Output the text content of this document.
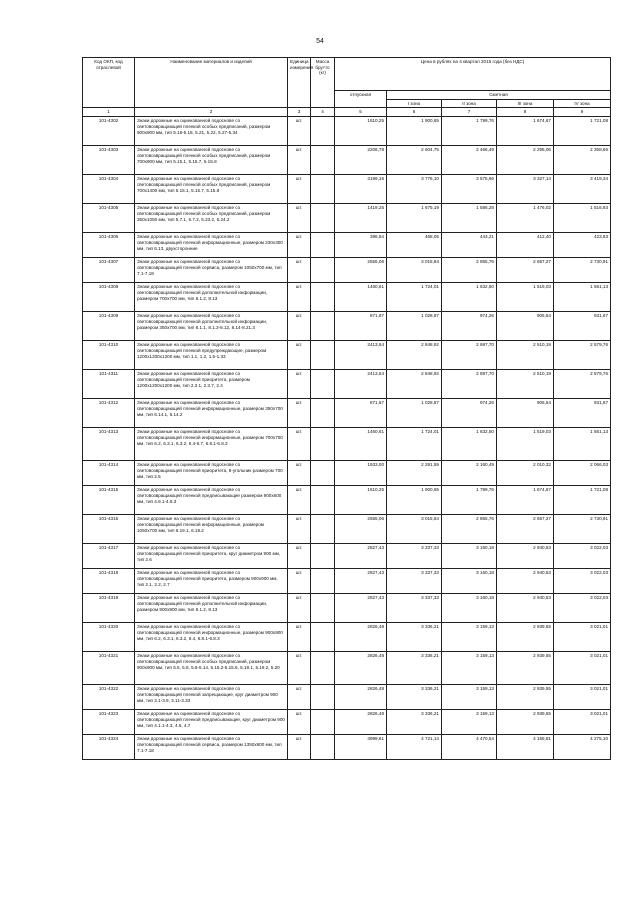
54
Код ОКП, код отраслевой	Наименование материалов и изделий	Единица измерения	Масса брутто (кг)	Цена в рублях на 4 квартал 2015 года (без НДС)				
				отпускная	Сметная			
					I зона	II зона	III зона	IV зона
1	2	3	4	5	6	7	8	9
101-4302	Знаки дорожные на оцинкованной подосновe со световозвращающей пленкой особых предписаний, размером 900х900 мм, тип 5.16-5.18, 5.21, 5.22, 5.27-5.34	шт.		1610,25	1 900,65	1 799,76	1 674,67	1 721,08
101-4303	Знаки дорожные на оцинкованной подосновe со световозвращающей пленкой особых предписаний, размером 700х900 мм, тип 5.15.1, 5.15.7, 5.15.8	шт.		2206,78	2 604,75	2 466,49	2 295,06	2 358,66
101-4304	Знаки дорожные на оцинкованной подосновe со световозвращающей пленкой особых предписаний, размером 700х1400 мм, тип 5.15.1, 5.15.7, 5.15.8	шт.		3199,16	3 776,10	3 575,66	3 327,14	3 419,34
101-4305	Знаки дорожные на оцинкованной подосновe со световозвращающей пленкой особых предписаний, размером 350х1050 мм, тип 5.7.1, 5.7.2, 5.23.2, 5.24.2	шт.		1419,25	1 675,19	1 586,28	1 476,02	1 516,93
101-4306	Знаки дорожные на оцинкованной подосновe со световозвращающей пленкой информационные, размером 230х300 мм, тип 6.13, двухсторонние	шт.		396,54	468,05	443,21	412,40	423,83
101-4307	Знаки дорожные на оцинкованной подосновe со световозвращающей пленкой сервиса, размером 1050х700 мм, тип 7.1-7.18	шт.		2555,06	3 015,84	2 855,76	2 657,27	2 730,91
101-4308	Знаки дорожные на оцинкованной подосновe со световозвращающей пленкой дополнительной информации, размером 700х700 мм, тип 8.1.2, 8.13	шт.		1460,61	1 724,01	1 632,50	1 519,03	1 561,13
101-4309	Знаки дорожные на оцинкованной подосновe со световозвращающей пленкой дополнительной информации, размером 350х700 мм, тип 8.1.1, 8.1.3-8.12, 8.14-8.21.3	шт.		871,67	1 028,87	974,26	906,54	931,67
101-4310	Знаки дорожные на оцинкованной подосновe со световозвращающей пленкой предупреждающие, размером 1200х1200х1200 мм, тип 1.1, 1.2, 1.5-1.33	шт.		2413,64	2 848,92	2 697,70	2 510,19	2 579,76
101-4311	Знаки дорожные на оцинкованной подосновe со световозвращающей пленкой приоритета, размером 1200х1200х1200 мм, тип 2.3.1, 2.3.7, 2.4	шт.		2413,64	2 848,92	2 697,70	2 510,19	2 579,76
101-4312	Знаки дорожные на оцинкованной подосновe со световозвращающей пленкой информационные, размером 350х700 мм, тип 6.14.1, 6.14.2	шт.		871,67	1 028,87	974,26	906,54	931,67
101-4313	Знаки дорожные на оцинкованной подосновe со световозвращающей пленкой информационные, размером 700х700 мм, тип 6.2, 6.3.1, 6.3.2, 6.4-6.7, 6.8.1-6.8.3	шт.		1460,61	1 724,01	1 632,50	1 519,03	1 561,13
101-4314	Знаки дорожные на оцинкованной подосновe со световозвращающей пленкой приоритета, 8-угольник размером 700 мм, тип 2.5	шт.		1933,00	2 281,59	2 160,49	2 010,32	2 066,03
101-4315	Знаки дорожные на оцинкованной подосновe со световозвращающей пленкой предписывающие размером 900х600 мм, тип 4.8.1-4.8.3	шт.		1610,25	1 900,65	1 799,76	1 674,67	1 721,08
101-4316	Знаки дорожные на оцинкованной подосновe со световозвращающей пленкой информационные, размером 1050х700 мм, тип 6.19.1, 6.19.2	шт.		2555,06	3 015,84	2 855,76	2 657,27	2 730,91
101-4317	Знаки дорожные на оцинкованной подосновe со световозвращающей пленкой приоритета, круг диаметром 900 мм, тип 2.6	шт.		2827,43	3 337,33	3 160,18	2 940,53	3 022,03
101-4318	Знаки дорожные на оцинкованной подосновe со световозвращающей пленкой приоритета, размером 900х900 мм, тип 2.1, 2.2, 2.7	шт.		2827,43	3 337,33	3 160,18	2 940,53	3 022,03
101-4319	Знаки дорожные на оцинкованной подосновe со световозвращающей пленкой дополнительной информации, размером 900х900 мм, тип 8.1.2, 8.13	шт.		2827,43	3 337,33	3 160,18	2 940,53	3 022,03
101-4320	Знаки дорожные на оцинкованной подосновe со световозвращающей пленкой информационные, размером 900х900 мм, тип 6.2, 6.3.1, 6.3.2, 6.4, 6.8.1-6.8.3	шт.		2826,48	3 336,21	3 159,13	2 939,55	3 021,01
101-4321	Знаки дорожные на оцинкованной подосновe со световозвращающей пленкой особых предписаний, размером 900х900 мм, тип 5.5, 5.6, 5.8-5.14, 5.15.2-5.15.6, 5.19.1, 5.19.2, 5.20	шт.		2826,48	3 336,21	3 159,13	2 939,55	3 021,01
101-4322	Знаки дорожные на оцинкованной подосновe со световозвращающей пленкой запрещающие, круг диаметром 900 мм, тип 3.1-3.9, 3.11-3.33	шт.		2826,48	3 336,21	3 159,13	2 939,55	3 021,01
101-4323	Знаки дорожные на оцинкованной подосновe со световозвращающей пленкой предписывающие, круг диаметром 900 мм, тип 4.1.1-4.3, 4.6, 4.7	шт.		2826,48	3 336,21	3 159,13	2 939,55	3 021,01
101-4324	Знаки дорожные на оцинкованной подосновe со световозвращающей пленкой сервиса, размером 1350х900 мм, тип 7.1-7.18	шт.		3999,61	4 721,14	4 470,54	4 159,81	4 275,10
